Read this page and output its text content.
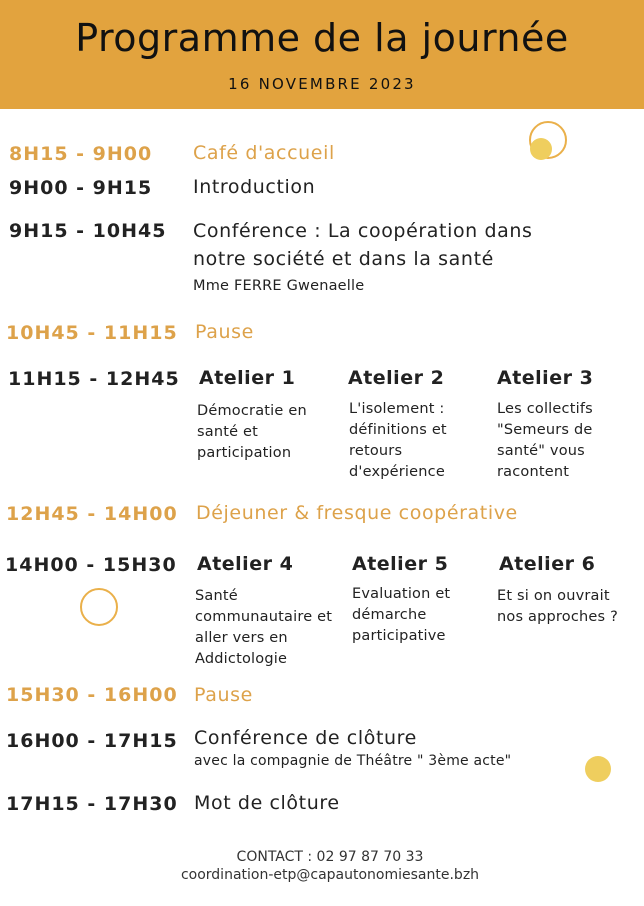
Programme de la journée
16 NOVEMBRE 2023
8H15 - 9H00 Café d'accueil
9H00 - 9H15 Introduction
9H15 - 10H45 Conférence : La coopération dans
notre société et dans la santé
Mme FERRE Gwenaelle
10H45 - 11H15 Pause
11H15 - 12H45 Atelier 1
Démocratie en santé et participation
Atelier 2
L'isolement : définitions et retours d'expérience
Atelier 3
Les collectifs "Semeurs de santé" vous racontent
12H45 - 14H00 Déjeuner & fresque coopérative
14H00 - 15H30 Atelier 4
Santé communautaire et aller vers en Addictologie
Atelier 5
Evaluation et démarche participative
Atelier 6
Et si on ouvrait nos approches ?
15H30 - 16H00 Pause
16H00 - 17H15 Conférence de clôture
avec la compagnie de Théâtre " 3ème acte"
17H15 - 17H30 Mot de clôture
CONTACT : 02 97 87 70 33
coordination-etp@capautonomiesante.bzh
